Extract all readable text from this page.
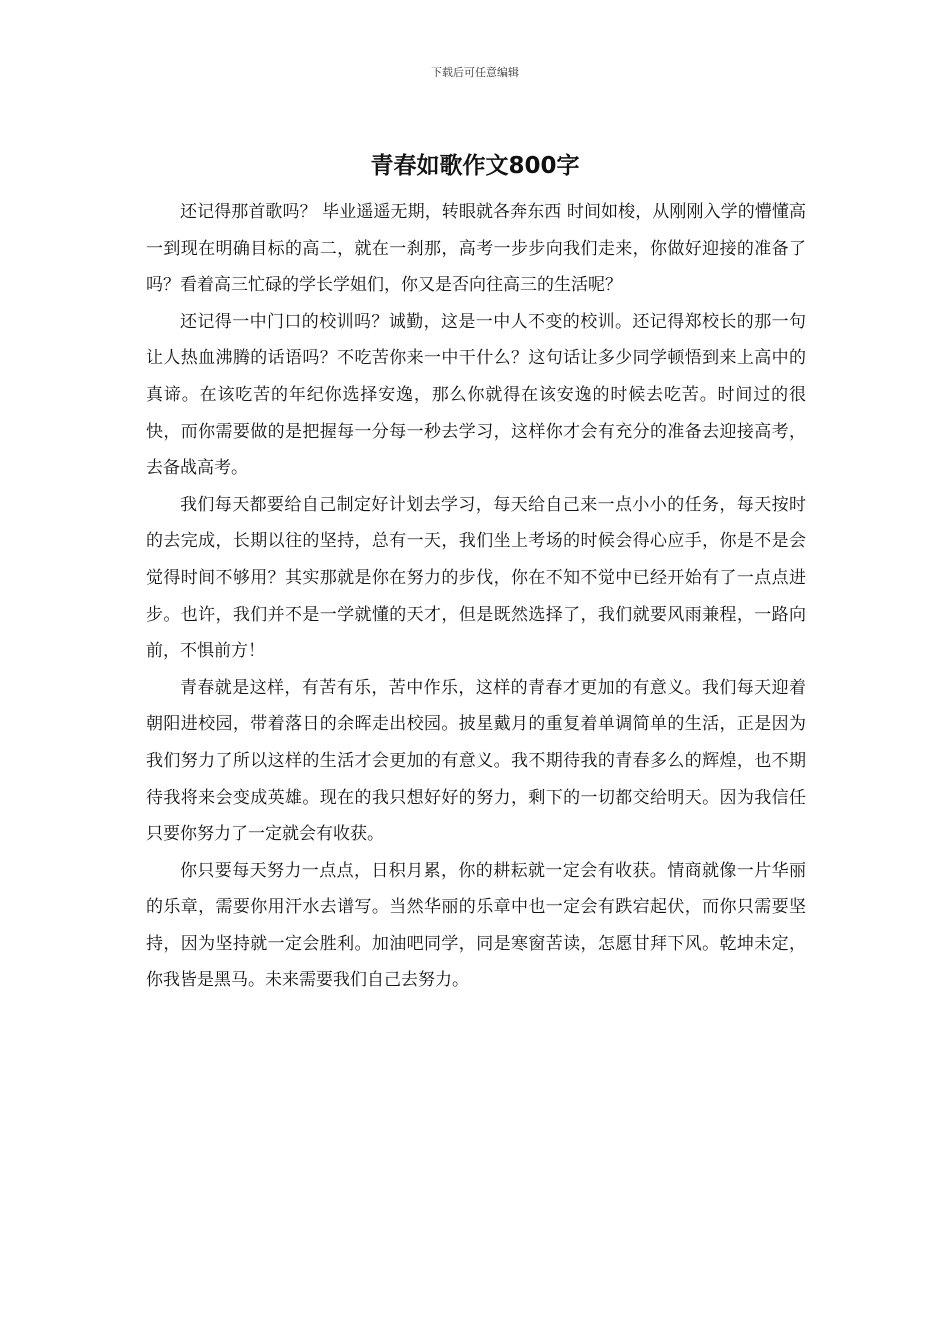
下载后可任意编辑
青春如歌作文800字

还记得那首歌吗？ 毕业遥遥无期，转眼就各奔东西 时间如梭，从刚刚入学的懵懂高一到现在明确目标的高二，就在一刹那，高考一步步向我们走来，你做好迎接的准备了吗？看着高三忙碌的学长学姐们，你又是否向往高三的生活呢？

还记得一中门口的校训吗？诚勤，这是一中人不变的校训。还记得郑校长的那一句让人热血沸腾的话语吗？不吃苦你来一中干什么？这句话让多少同学顿悟到来上高中的真谛。在该吃苦的年纪你选择安逸，那么你就得在该安逸的时候去吃苦。时间过的很快，而你需要做的是把握每一分每一秒去学习，这样你才会有充分的准备去迎接高考，去备战高考。

我们每天都要给自己制定好计划去学习，每天给自己来一点小小的任务，每天按时的去完成，长期以往的坚持，总有一天，我们坐上考场的时候会得心应手，你是不是会觉得时间不够用？其实那就是你在努力的步伐，你在不知不觉中已经开始有了一点点进步。也许，我们并不是一学就懂的天才，但是既然选择了，我们就要风雨兼程，一路向前，不惧前方！

青春就是这样，有苦有乐，苦中作乐，这样的青春才更加的有意义。我们每天迎着朝阳进校园，带着落日的余晖走出校园。披星戴月的重复着单调简单的生活，正是因为我们努力了所以这样的生活才会更加的有意义。我不期待我的青春多么的辉煌，也不期待我将来会变成英雄。现在的我只想好好的努力，剩下的一切都交给明天。因为我信任只要你努力了一定就会有收获。

你只要每天努力一点点，日积月累，你的耕耘就一定会有收获。情商就像一片华丽的乐章，需要你用汗水去谱写。当然华丽的乐章中也一定会有跌宕起伏，而你只需要坚持，因为坚持就一定会胜利。加油吧同学，同是寒窗苦读，怎愿甘拜下风。乾坤未定，你我皆是黑马。未来需要我们自己去努力。
